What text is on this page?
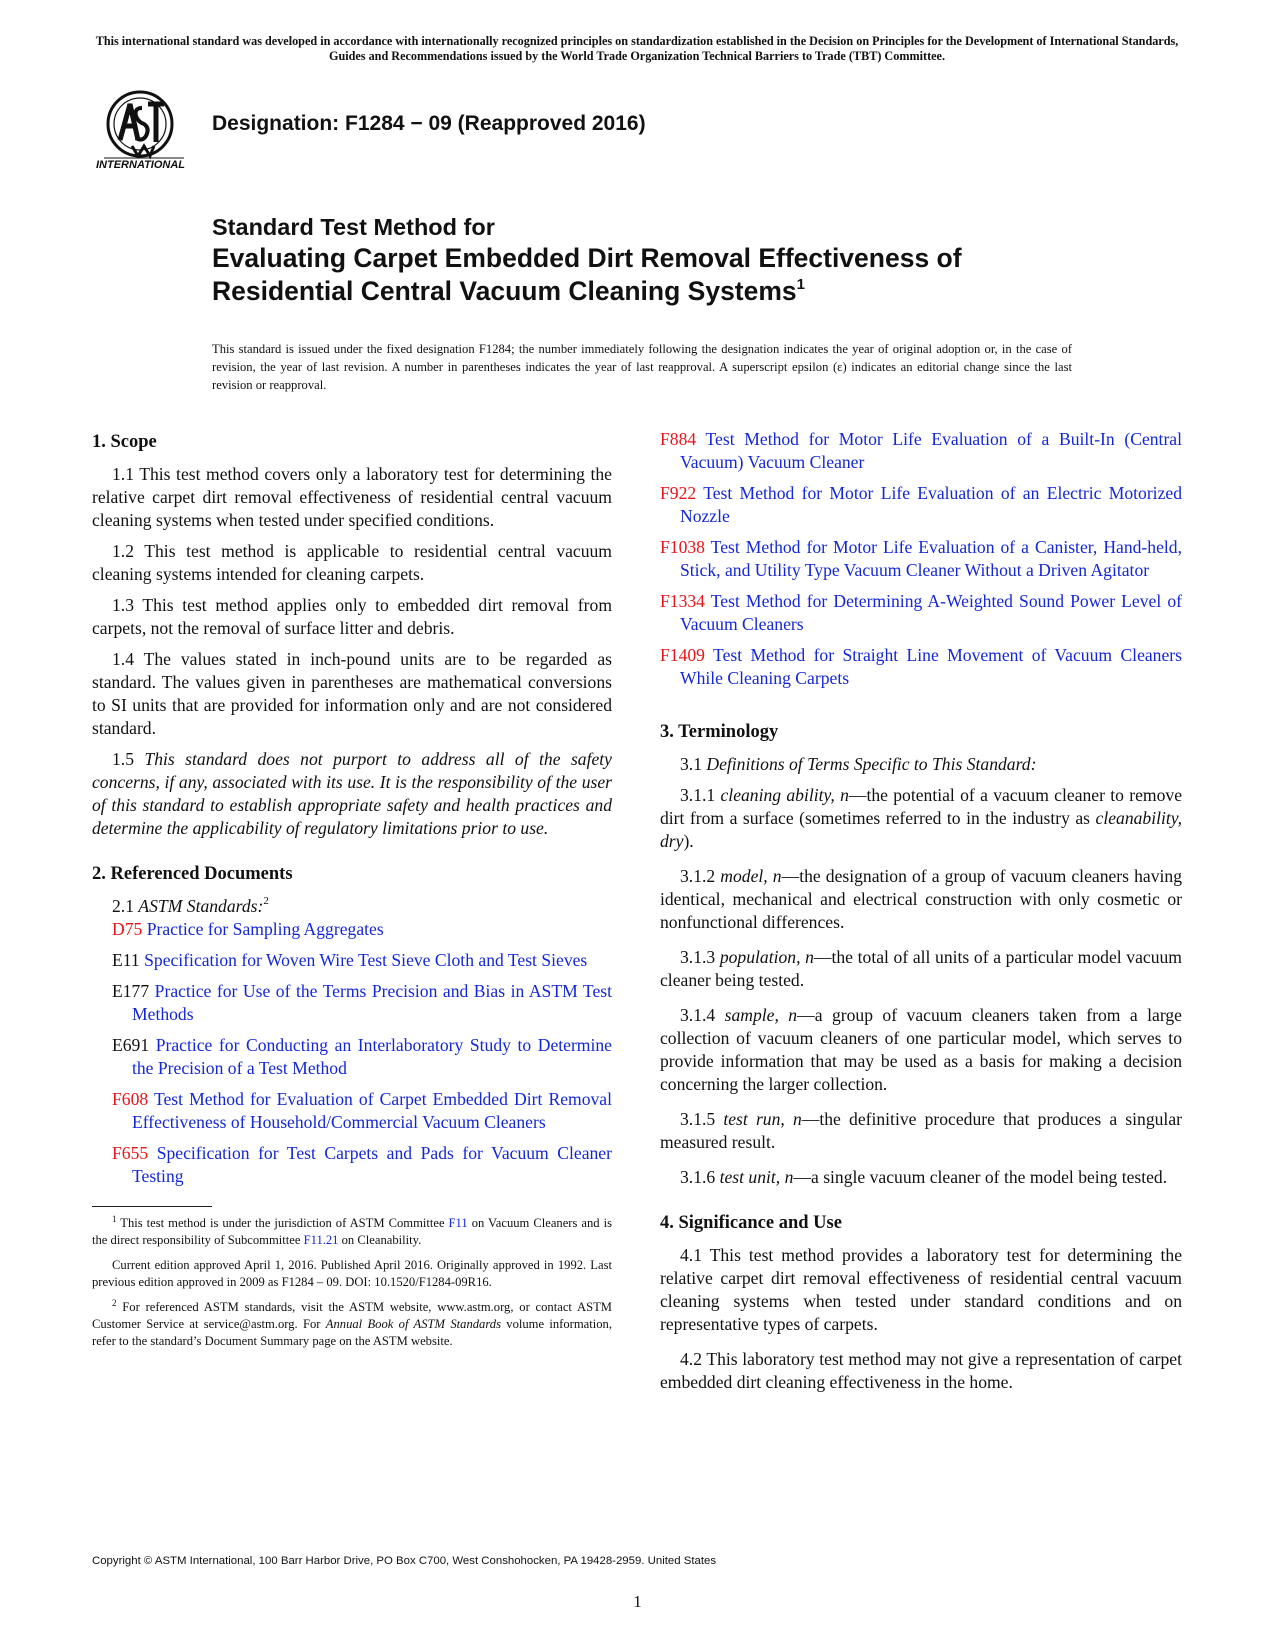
This international standard was developed in accordance with internationally recognized principles on standardization established in the Decision on Principles for the Development of International Standards, Guides and Recommendations issued by the World Trade Organization Technical Barriers to Trade (TBT) Committee.
INTERNATIONAL
Designation: F1284 − 09 (Reapproved 2016)
Standard Test Method for
Evaluating Carpet Embedded Dirt Removal Effectiveness of
Residential Central Vacuum Cleaning Systems$^1$
This standard is issued under the fixed designation F1284; the number immediately following the designation indicates the year of original adoption or, in the case of revision, the year of last revision. A number in parentheses indicates the year of last reapproval. A superscript epsilon (ε) indicates an editorial change since the last revision or reapproval.
1. Scope

1.1 This test method covers only a laboratory test for determining the relative carpet dirt removal effectiveness of residential central vacuum cleaning systems when tested under specified conditions.

1.2 This test method is applicable to residential central vacuum cleaning systems intended for cleaning carpets.

1.3 This test method applies only to embedded dirt removal from carpets, not the removal of surface litter and debris.

1.4 The values stated in inch-pound units are to be regarded as standard. The values given in parentheses are mathematical conversions to SI units that are provided for information only and are not considered standard.

1.5 This standard does not purport to address all of the safety concerns, if any, associated with its use. It is the responsibility of the user of this standard to establish appropriate safety and health practices and determine the applicability of regulatory limitations prior to use.

2. Referenced Documents

2.1 ASTM Standards:$^2$

D75 Practice for Sampling Aggregates

E11 Specification for Woven Wire Test Sieve Cloth and Test Sieves

E177 Practice for Use of the Terms Precision and Bias in ASTM Test Methods

E691 Practice for Conducting an Interlaboratory Study to Determine the Precision of a Test Method

F608 Test Method for Evaluation of Carpet Embedded Dirt Removal Effectiveness of Household/Commercial Vacuum Cleaners

F655 Specification for Test Carpets and Pads for Vacuum Cleaner Testing

$^1$ This test method is under the jurisdiction of ASTM Committee F11 on Vacuum Cleaners and is the direct responsibility of Subcommittee F11.21 on Cleanability.

Current edition approved April 1, 2016. Published April 2016. Originally approved in 1992. Last previous edition approved in 2009 as F1284 – 09. DOI: 10.1520/F1284-09R16.

$^2$ For referenced ASTM standards, visit the ASTM website, www.astm.org, or contact ASTM Customer Service at service@astm.org. For Annual Book of ASTM Standards volume information, refer to the standard’s Document Summary page on the ASTM website.

F884 Test Method for Motor Life Evaluation of a Built-In (Central Vacuum) Vacuum Cleaner

F922 Test Method for Motor Life Evaluation of an Electric Motorized Nozzle

F1038 Test Method for Motor Life Evaluation of a Canister, Hand-held, Stick, and Utility Type Vacuum Cleaner Without a Driven Agitator

F1334 Test Method for Determining A-Weighted Sound Power Level of Vacuum Cleaners

F1409 Test Method for Straight Line Movement of Vacuum Cleaners While Cleaning Carpets

3. Terminology

3.1 Definitions of Terms Specific to This Standard:

3.1.1 cleaning ability, n—the potential of a vacuum cleaner to remove dirt from a surface (sometimes referred to in the industry as cleanability, dry).

3.1.2 model, n—the designation of a group of vacuum cleaners having identical, mechanical and electrical construction with only cosmetic or nonfunctional differences.

3.1.3 population, n—the total of all units of a particular model vacuum cleaner being tested.

3.1.4 sample, n—a group of vacuum cleaners taken from a large collection of vacuum cleaners of one particular model, which serves to provide information that may be used as a basis for making a decision concerning the larger collection.

3.1.5 test run, n—the definitive procedure that produces a singular measured result.

3.1.6 test unit, n—a single vacuum cleaner of the model being tested.

4. Significance and Use

4.1 This test method provides a laboratory test for determining the relative carpet dirt removal effectiveness of residential central vacuum cleaning systems when tested under standard conditions and on representative types of carpets.

4.2 This laboratory test method may not give a representation of carpet embedded dirt cleaning effectiveness in the home.

Copyright © ASTM International, 100 Barr Harbor Drive, PO Box C700, West Conshohocken, PA 19428-2959. United States
1
